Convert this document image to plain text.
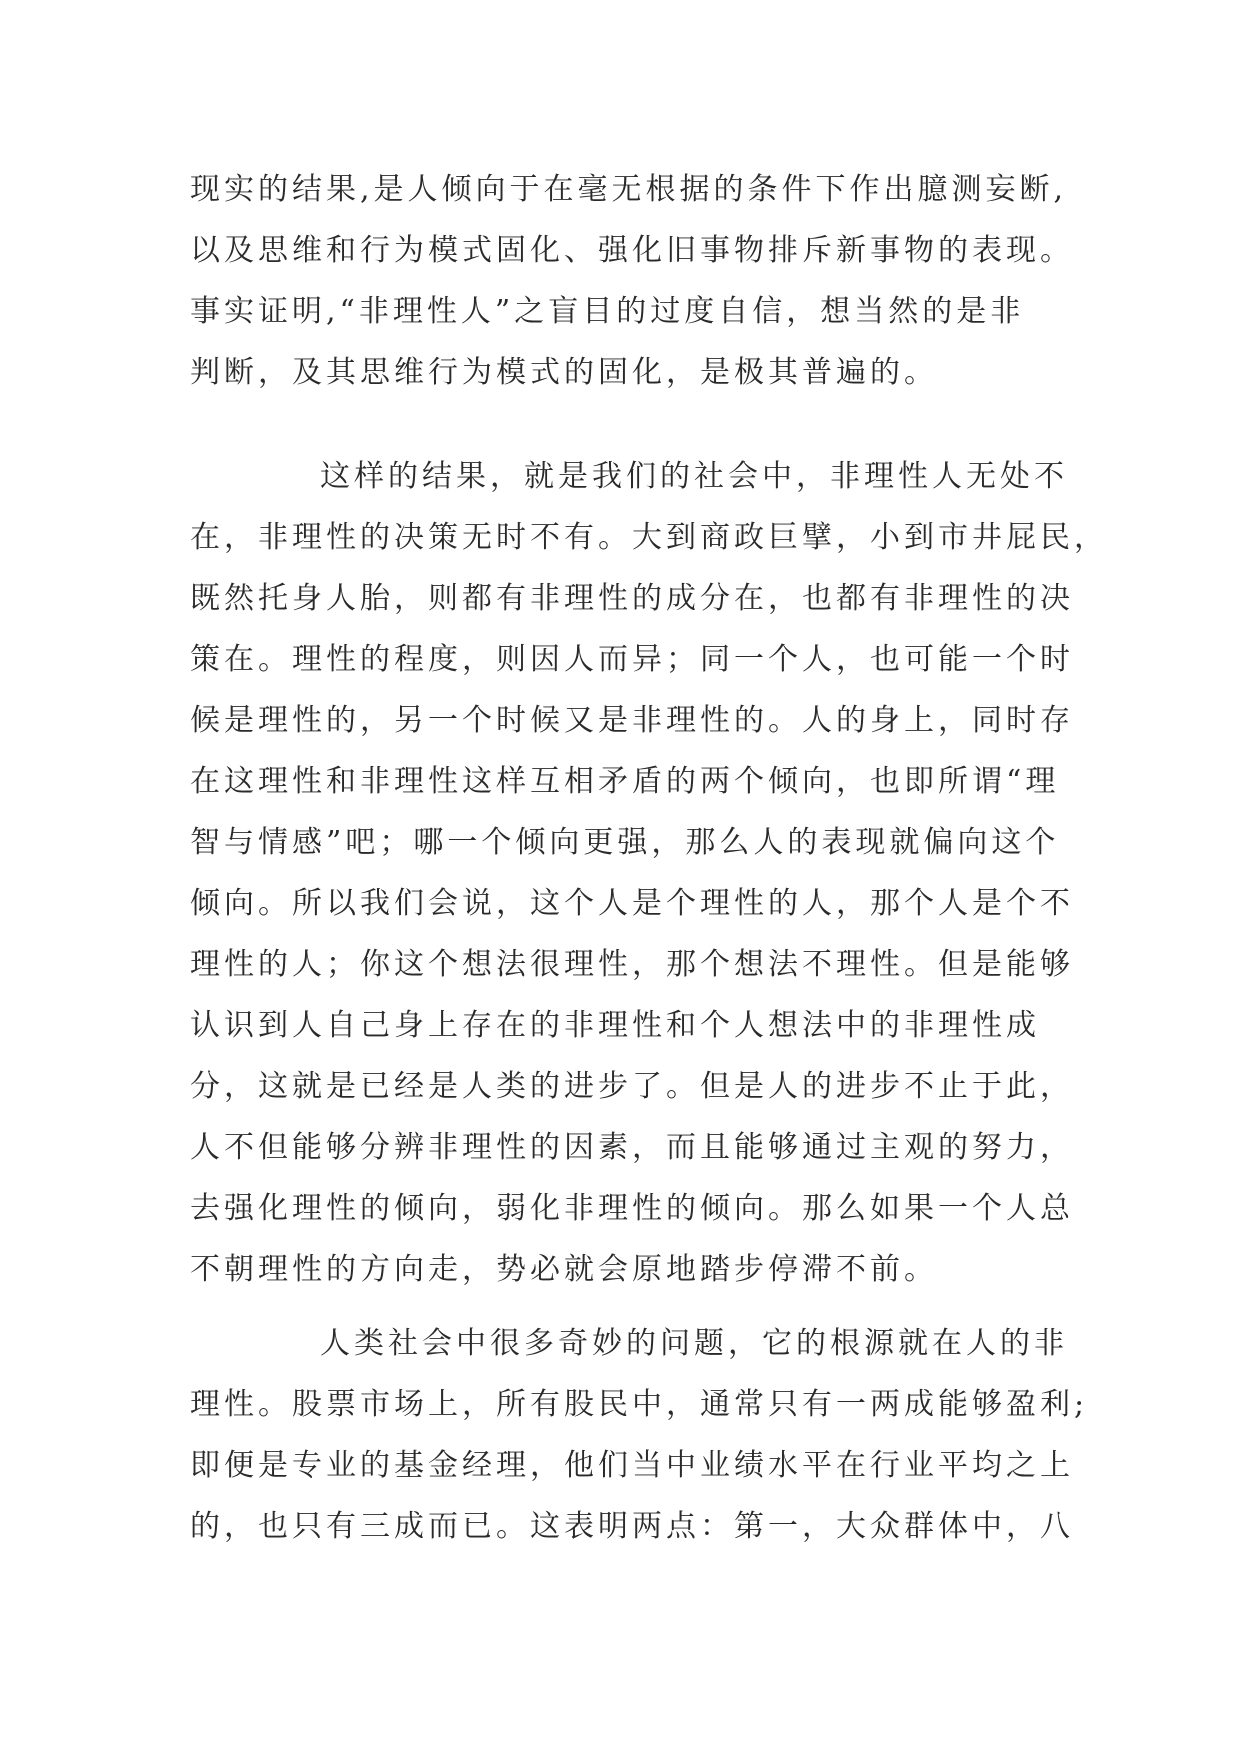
现实的结果,是人倾向于在毫无根据的条件下作出臆测妄断,
以及思维和行为模式固化、强化旧事物排斥新事物的表现。
事实证明,“非理性人”之盲目的过度自信，想当然的是非
判断，及其思维行为模式的固化，是极其普遍的。
这样的结果，就是我们的社会中，非理性人无处不
在，非理性的决策无时不有。大到商政巨擘，小到市井屁民，
既然托身人胎，则都有非理性的成分在，也都有非理性的决
策在。理性的程度，则因人而异；同一个人，也可能一个时
候是理性的，另一个时候又是非理性的。人的身上，同时存
在这理性和非理性这样互相矛盾的两个倾向，也即所谓“理
智与情感”吧；哪一个倾向更强，那么人的表现就偏向这个
倾向。所以我们会说，这个人是个理性的人，那个人是个不
理性的人；你这个想法很理性，那个想法不理性。但是能够
认识到人自己身上存在的非理性和个人想法中的非理性成
分，这就是已经是人类的进步了。但是人的进步不止于此，
人不但能够分辨非理性的因素，而且能够通过主观的努力，
去强化理性的倾向，弱化非理性的倾向。那么如果一个人总
不朝理性的方向走，势必就会原地踏步停滞不前。
人类社会中很多奇妙的问题，它的根源就在人的非
理性。股票市场上，所有股民中，通常只有一两成能够盈利;
即便是专业的基金经理，他们当中业绩水平在行业平均之上
的，也只有三成而已。这表明两点：第一，大众群体中，八
